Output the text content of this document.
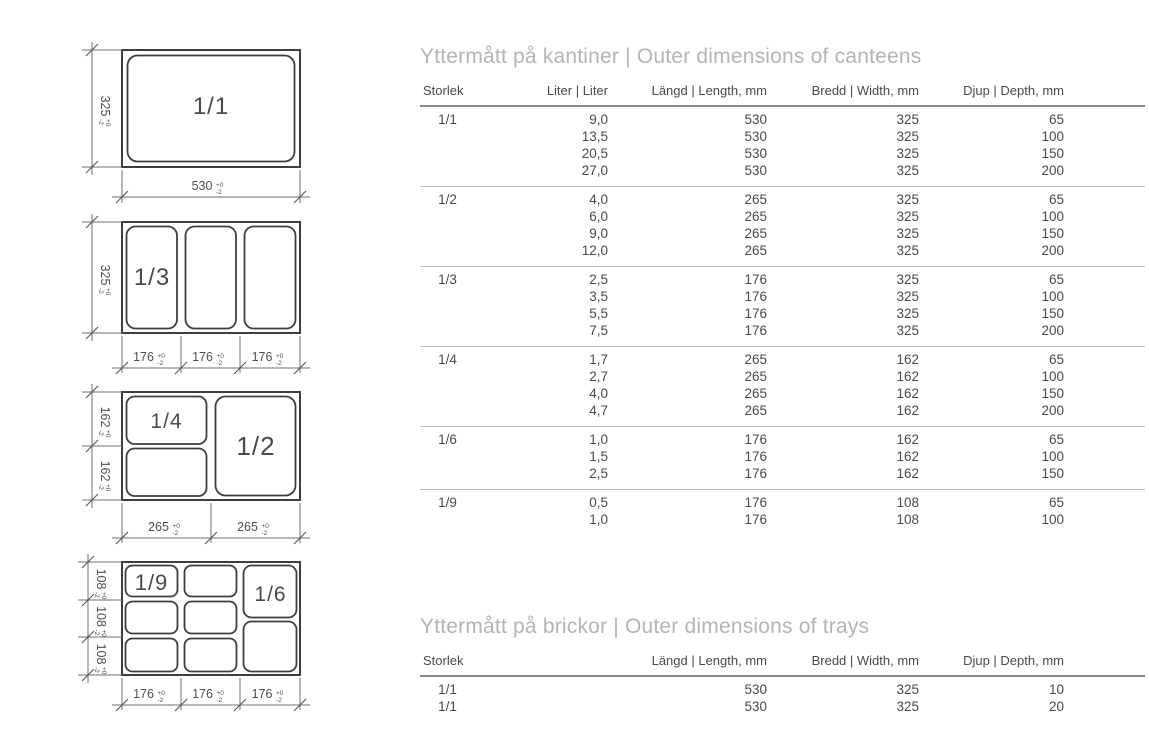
1/1
325
+0
-2
530 +0
-2
1/3
325
+0
-2
176 +0
-2 176 +0
-2 176 +0
-2
1/4
1/2
162
+0
-2
162
+0
-2
265 +0
-2	265 +0
-2
1/9	1/6
108
+0
-2
108
+0
-2
108
+0
-2
176 +0
-2 176 +0
-2 176 +0
-2
Yttermått på kantiner | Outer dimensions of canteens
Storlek	Liter | Liter	Längd | Length, mm	Bredd | Width, mm	Djup | Depth, mm	
1/1	9,0	530	325	65	
	13,5	530	325	100	
	20,5	530	325	150	
	27,0	530	325	200	
1/2	4,0	265	325	65	
	6,0	265	325	100	
	9,0	265	325	150	
	12,0	265	325	200	
1/3	2,5	176	325	65	
	3,5	176	325	100	
	5,5	176	325	150	
	7,5	176	325	200	
1/4	1,7	265	162	65	
	2,7	265	162	100	
	4,0	265	162	150	
	4,7	265	162	200	
1/6	1,0	176	162	65	
	1,5	176	162	100	
	2,5	176	162	150	
1/9	0,5	176	108	65	
	1,0	176	108	100	
Yttermått på brickor | Outer dimensions of trays
Storlek	Längd | Length, mm	Bredd | Width, mm	Djup | Depth, mm	
1/1	530	325	10	
1/1	530	325	20	
